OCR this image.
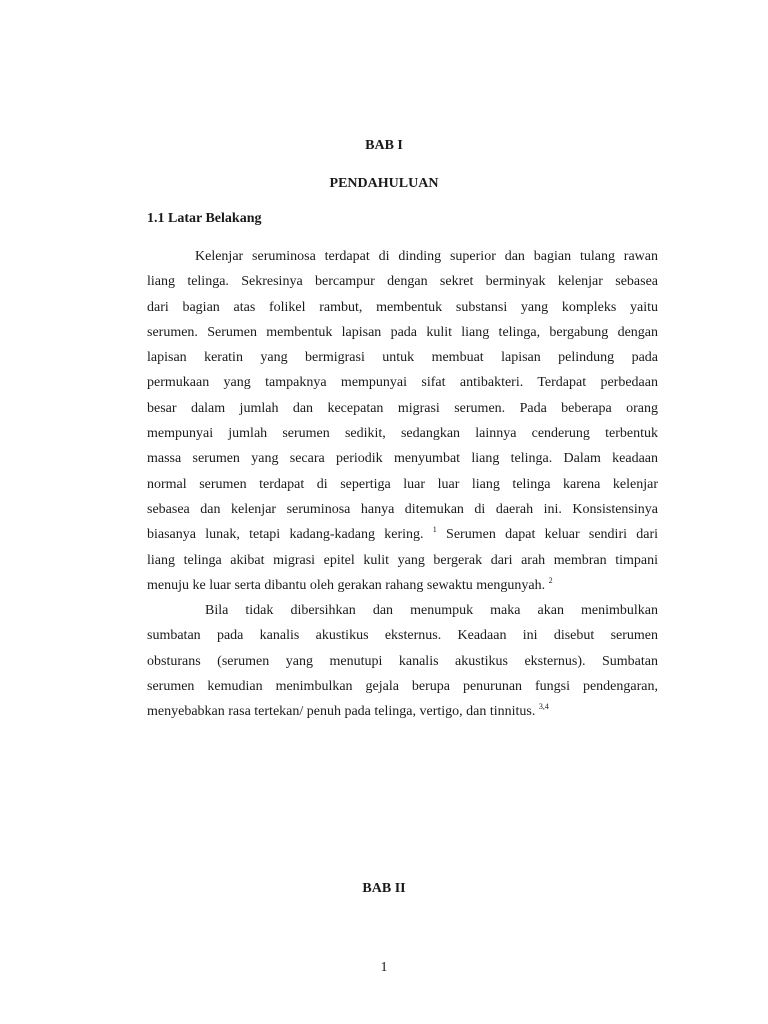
BAB I

PENDAHULUAN

1.1 Latar Belakang

Kelenjar seruminosa terdapat di dinding superior dan bagian tulang rawan
liang telinga. Sekresinya bercampur dengan sekret berminyak kelenjar sebasea
dari bagian atas folikel rambut, membentuk substansi yang kompleks yaitu
serumen. Serumen membentuk lapisan pada kulit liang telinga, bergabung dengan
lapisan keratin yang bermigrasi untuk membuat lapisan pelindung pada
permukaan yang tampaknya mempunyai sifat antibakteri. Terdapat perbedaan
besar dalam jumlah dan kecepatan migrasi serumen. Pada beberapa orang
mempunyai jumlah serumen sedikit, sedangkan lainnya cenderung terbentuk
massa serumen yang secara periodik menyumbat liang telinga. Dalam keadaan
normal serumen terdapat di sepertiga luar luar liang telinga karena kelenjar
sebasea dan kelenjar seruminosa hanya ditemukan di daerah ini. Konsistensinya
biasanya lunak, tetapi kadang-kadang kering. $^1$ Serumen dapat keluar sendiri dari
liang telinga akibat migrasi epitel kulit yang bergerak dari arah membran timpani
menuju ke luar serta dibantu oleh gerakan rahang sewaktu mengunyah. $^2$
Bila tidak dibersihkan dan menumpuk maka akan menimbulkan
sumbatan pada kanalis akustikus eksternus. Keadaan ini disebut serumen
obsturans (serumen yang menutupi kanalis akustikus eksternus). Sumbatan
serumen kemudian menimbulkan gejala berupa penurunan fungsi pendengaran,
menyebabkan rasa tertekan/ penuh pada telinga, vertigo, dan tinnitus. $^{3,4}$

BAB II

1
